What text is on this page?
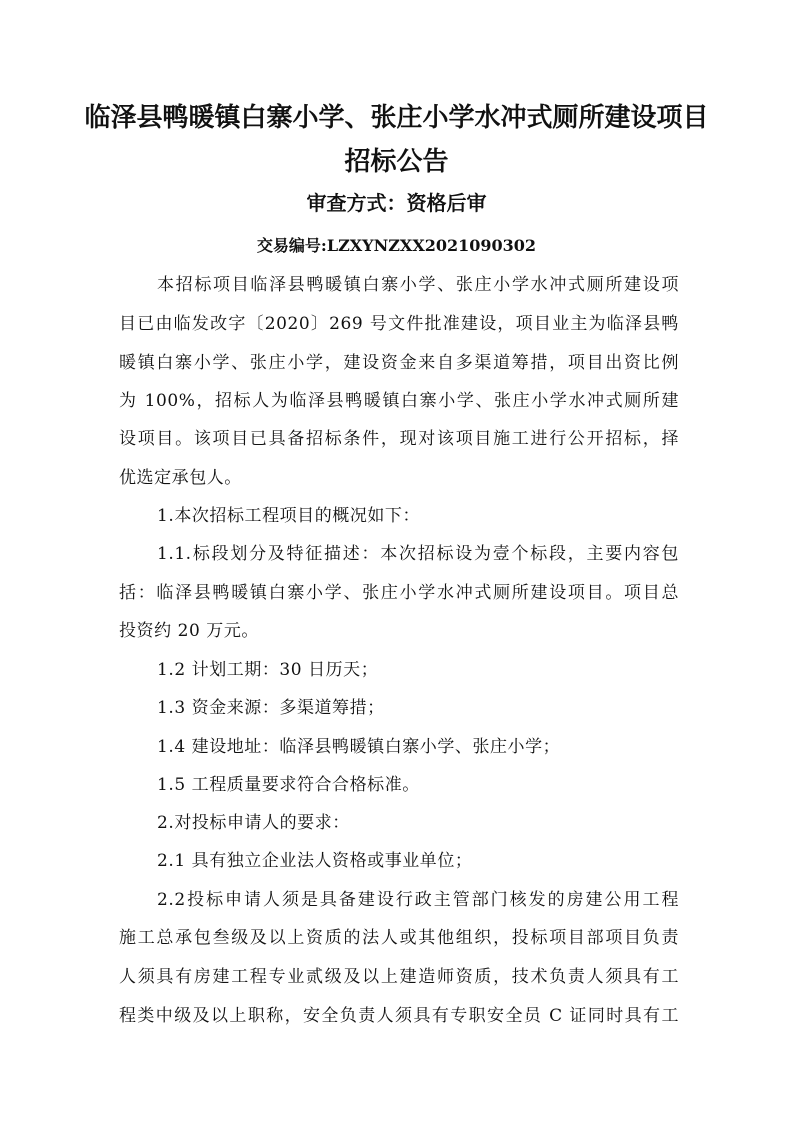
临泽县鸭暖镇白寨小学、张庄小学水冲式厕所建设项目
招标公告
审查方式：资格后审
交易编号:LZXYNZXX2021090302
本招标项目临泽县鸭暖镇白寨小学、张庄小学水冲式厕所建设项
目已由临发改字〔2020〕269 号文件批准建设，项目业主为临泽县鸭
暖镇白寨小学、张庄小学，建设资金来自多渠道筹措，项目出资比例
为 100%，招标人为临泽县鸭暖镇白寨小学、张庄小学水冲式厕所建
设项目。该项目已具备招标条件，现对该项目施工进行公开招标，择
优选定承包人。
1.本次招标工程项目的概况如下：
1.1.标段划分及特征描述：本次招标设为壹个标段，主要内容包
括：临泽县鸭暖镇白寨小学、张庄小学水冲式厕所建设项目。项目总
投资约 20 万元。
1.2 计划工期：30 日历天；
1.3 资金来源：多渠道筹措；
1.4 建设地址：临泽县鸭暖镇白寨小学、张庄小学；
1.5 工程质量要求符合合格标准。
2.对投标申请人的要求：
2.1 具有独立企业法人资格或事业单位；
2.2投标申请人须是具备建设行政主管部门核发的房建公用工程
施工总承包叁级及以上资质的法人或其他组织，投标项目部项目负责
人须具有房建工程专业贰级及以上建造师资质，技术负责人须具有工
程类中级及以上职称，安全负责人须具有专职安全员 C 证同时具有工
